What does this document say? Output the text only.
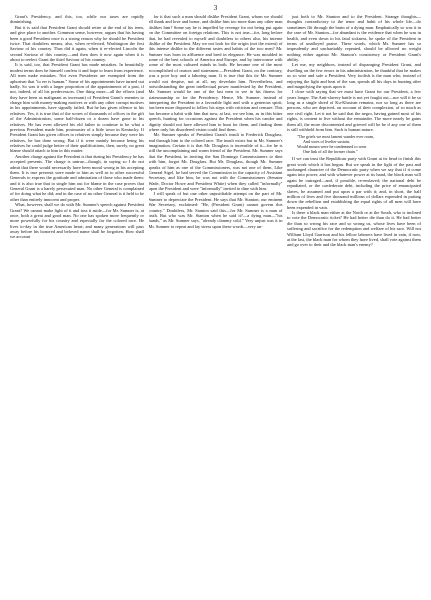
3

Grant's Presidency, and this, too, while our taxes are rapidly diminishing.

But it is said that President Grant should retire at the end of his term, and give place to another. Common sense, however, argues that his having been a good President once is a strong reason why he should be President twice. That doubtless means, also, when re-elected, Washington the first Saviour of his country. Thus did it again, when it re-elected Lincoln the second Saviour of this country—and then does it now again when it is about to reelect Grant the third Saviour of his country.

It is said, too, that President Grant has made mistakes. In beautifully modest terms does he himself confess it and hope to learn from experience. All men make mistakes. Not even Presidents are exempted from the aphorism that "to err is human." Some of his appointments have turned out badly. So was it with a larger proportion of the appointments of a past, if not, indeed, of all his predecessors. One thing more—all the efforts (and they have been as malignant as incessant) of President Grant's enemies to charge him with money-making motives or with any other corrupt motives in his appointments, have signally failed. But he has given offence to his relatives. Yes, it is true that of the scores of thousands of offices in the gift of the Administration, some half-dozen or a dozen have gone to his relatives. He has even allowed his old father to continue to be what a previous President made him, postmaster of a little town in Kentucky. If President Grant has given offices to relatives simply because they were his relatives, he has done wrong. But if it were mainly because being his relatives he could judge better of their qualifications, then, surely, no great blame should attach to him in this matter.

Another charge against the President is that during his Presidency he has accepted presents. The charge is untrue—though, in saying so I do not admit that there would necessarily have been moral wrong in his accepting them. It is true presents were made to him as well as to other successful Generals to express the gratitude and admiration of those who made them: and it is also true that to single him out for blame in the case proves that General Grant is a barely persecuted man. No other General is complained of for doing what he did; and in the case of no other General is it held to be other than entirely innocent and proper.

What, however, shall we do with Mr. Sumner's speech against President Grant? We cannot make light of it and toss it aside—for Mr. Sumner is, at once, both a great and good man. No one has spoken more frequently or more powerfully for his country and especially for the colored race. He lives to-day in the true American heart; and many generations will pass away before his honored and beloved name shall be forgotten. How shall we account

for it that such a man should dislike President Grant, whom we should all thank and love and honor, and dislike him too more than any other man dislikes him? Some say he is impelled by revenge for not being put again on the Committee on foreign relations. This is not true—for, long before that, he had revealed to myself and doubtless to others also, his intense dislike of the President. May we not look for the origin (not the extent) of this intense dislike to the different tastes and habits of the two men? Mr. Sumner was born in affluence and bred in elegance. He was moulded in some of the best schools of America and Europe, and by intercourse with some of the most cultured minds in both. He became one of the most accomplished of orators and statesmen.—President Grant, on the contrary, was a poor boy and a laboring man. It is true that this tie Mr. Sumner would not despise, not at all, my deverlain him. Nevertheless, and notwithstanding the great intellectual power manifested by the President, Mr. Sumner would be one of the last men to see in his fitness for statesmanship or for the Presidency. Hence, Mr. Sumner, instead of interpreting the President in a favorable light and with a generous spirit, has been more disposed to follow his steps with criticism and censure. This has become a habit with him that now, at last, we see him, as in this bitter speech, hunting for occasions against the President when his candor and dignity should not have allowed him to hunt for them, and finding them where only his disordered vision could find them.

Mr. Sumner speaks of President Grant's insult to Frederick Douglass, and through him to the colored race. The insult exists but in Mr. Sumner's imagination. Certain it is that Mr. Douglass is incensible of it—for he is still the uncomplaining and warm friend of the President. Mr. Sumner says that the President, in inviting the San Domingo Commissioners to dine with him, forgot Mr. Douglass. But Mr. Douglass, though Mr. Sumner speaks of him as one of the Commissioners, was not one of them. Like General Sigel, he had served the Commission in the capacity of Assistant Secretary, and like him, he was not with the Commissioners (Senator Wade, Doctor Howe and President White) when they called "informally" upon the President and were "informally" invited to dine with him.

I will speak of but one other unjustifiable attempt on the part of Mr. Sumner to depreciate the President. He says that Mr. Stanton, our eminent War Secretary, exclaimed: "He, (President Grant) cannot govern this country." Doubtless, Mr. Stanton said this—for Mr. Sumner is a man of truth. But who was Mr. Stanton when he said it?—a dying man—"his hands," as Mr. Sumner says, "already clammy cold." Very unjust was it in Mr. Sumner to repeat and lay stress upon these words—very un-

just both to Mr. Stanton and to the President. Strange thoughts—thoughts contradictory to the tenor and habit of his whole life—do sometimes flit through the brain of a dying man. Emphatically so was it in the case of Mr. Stanton—for abundant is the evidence that when he was in health, and even down to his fatal sickness, he spoke of the President in terms of unalloyed praise. These words, which Mr. Sumner has so imprudently and uncharitably repeated, should be allowed no weight nothing either against Mr. Stanton's consistency or President Grant's ability.

Let me, my neighbors, instead of disparaging President Grant, and dwelling on the few errors in his administration, be thankful that he makes us so wise and safe a President. Very foolish is the man who, instead of enjoying the light and heat of the sun, spends all his days in hunting after and magnifying the spots upon it.

I close with saying that we must have Grant for our President, a few years longer. The Anti-slavery battle is not yet fought out—nor will it be so long as a single shred of Ku-Kluxism remains, nor so long as there are persons, who are deprived, on account of their complexion, of so much as one civil right. Let it not be said that the negro, having gained most of his rights, is content to live without the remainder. The more nearly he gains them all, the more discontented and grieved will he be if any one of them is still withheld from him. Such is human nature.

"The griefs we most lament wander ever roam,
And woes of livelier sustain,
Would mourn were he condemned to wear
One link of all the former chain."

If we can trust the Republican party with Grant at its head to finish this great work which it has begun. But we speak in the light of the past and unchanged character of the Democratic party when we say that if it come again into power, and with whatever power at its hand, the black man will again be outraged—and, if possible, re-enslaved; the national debt be repudiated, or the confederate debt, including the price of emancipated slaves, be assumed and put upon a par with it; and, in short, the half million of lives and five thousand millions of dollars expended in putting down the rebellion and establishing the equal rights of all men will have been expended in vain.

Is there a black man either at the North or at the South, who is inclined to vote the Democratic ticket? He had better die than do it. He had better die than so wrong his race and so wrong us, whose lives have been of suffering and sacrifice for the redemption and welfare of his race. Will not William Lloyd Garrison and his fellow laborers have lived in vain, if now, at the last, the black man for whom they have lived, shall vote against them and go over to their and the black man's enemy?
